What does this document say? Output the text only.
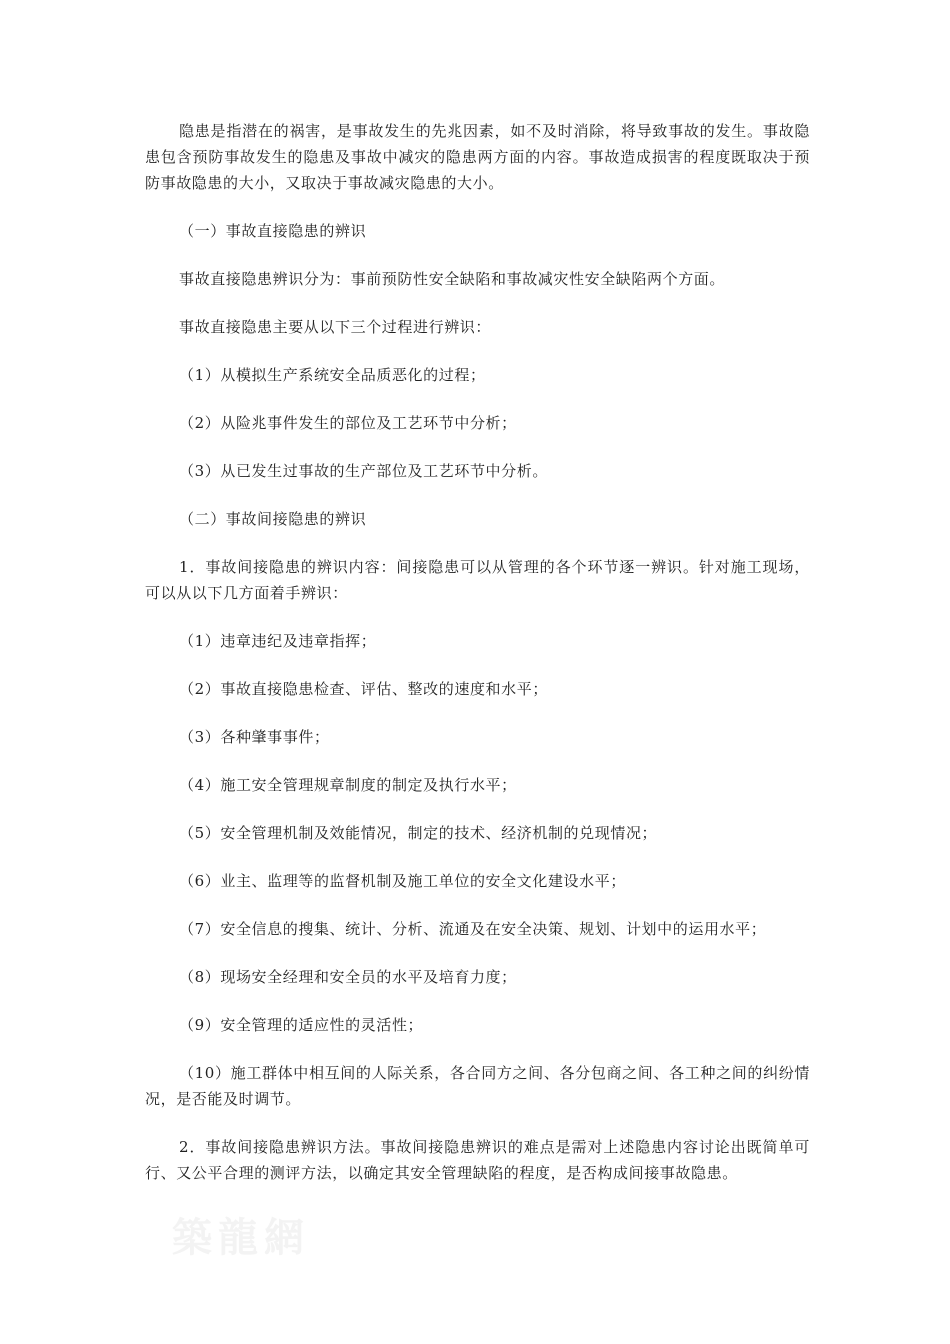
隐患是指潜在的祸害，是事故发生的先兆因素，如不及时消除，将导致事故的发生。事故隐患包含预防事故发生的隐患及事故中减灾的隐患两方面的内容。事故造成损害的程度既取决于预防事故隐患的大小，又取决于事故减灾隐患的大小。

（一）事故直接隐患的辨识

事故直接隐患辨识分为：事前预防性安全缺陷和事故减灾性安全缺陷两个方面。

事故直接隐患主要从以下三个过程进行辨识：

（1）从模拟生产系统安全品质恶化的过程；

（2）从险兆事件发生的部位及工艺环节中分析；

（3）从已发生过事故的生产部位及工艺环节中分析。

（二）事故间接隐患的辨识

1．事故间接隐患的辨识内容：间接隐患可以从管理的各个环节逐一辨识。针对施工现场，可以从以下几方面着手辨识：

（1）违章违纪及违章指挥；

（2）事故直接隐患检查、评估、整改的速度和水平；

（3）各种肇事事件；

（4）施工安全管理规章制度的制定及执行水平；

（5）安全管理机制及效能情况，制定的技术、经济机制的兑现情况；

（6）业主、监理等的监督机制及施工单位的安全文化建设水平；

（7）安全信息的搜集、统计、分析、流通及在安全决策、规划、计划中的运用水平；

（8）现场安全经理和安全员的水平及培育力度；

（9）安全管理的适应性的灵活性；

（10）施工群体中相互间的人际关系，各合同方之间、各分包商之间、各工种之间的纠纷情况，是否能及时调节。

2．事故间接隐患辨识方法。事故间接隐患辨识的难点是需对上述隐患内容讨论出既简单可行、又公平合理的测评方法，以确定其安全管理缺陷的程度，是否构成间接事故隐患。

築龍網
